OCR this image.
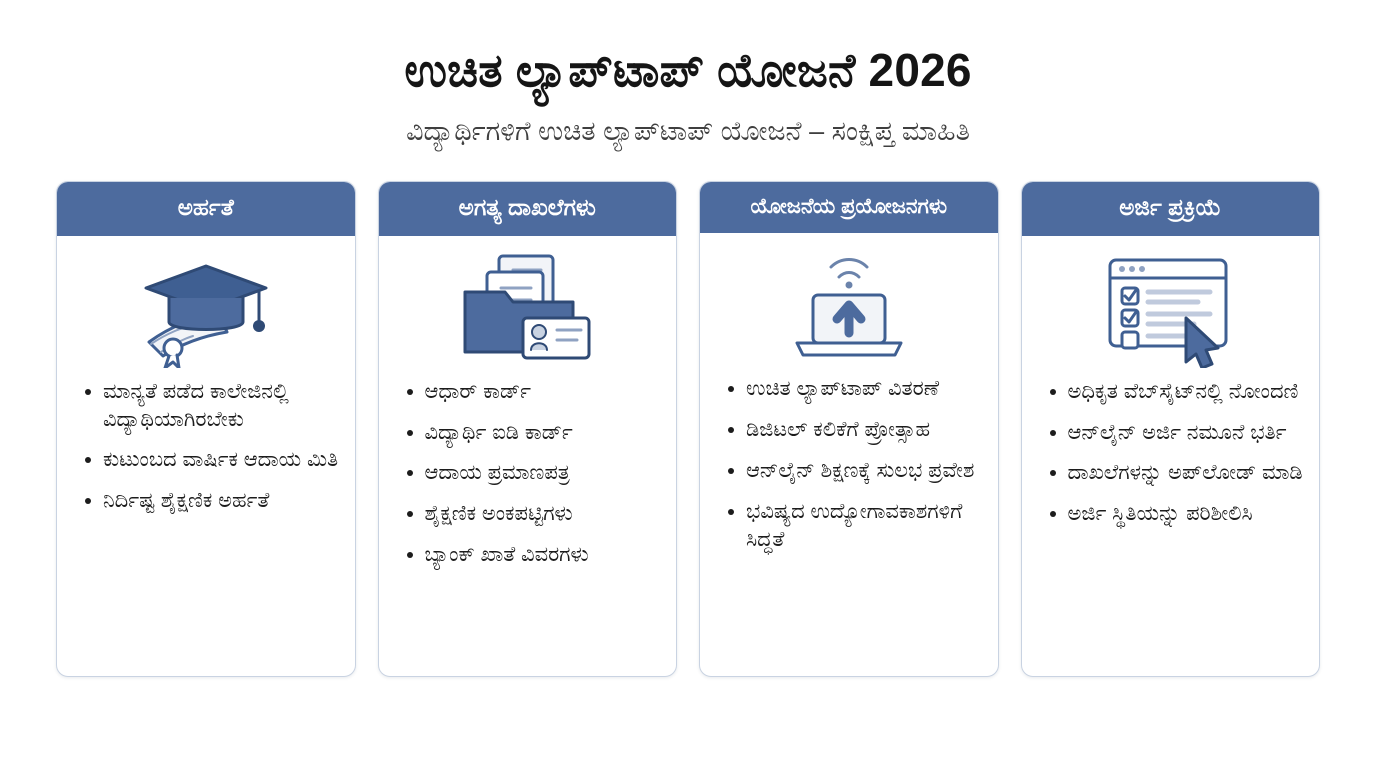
ಉಚಿತ ಲ್ಯಾಪ್‌ಟಾಪ್ ಯೋಜನೆ 2026
ವಿದ್ಯಾರ್ಥಿಗಳಿಗೆ ಉಚಿತ ಲ್ಯಾಪ್‌ಟಾಪ್ ಯೋಜನೆ – ಸಂಕ್ಷಿಪ್ತ ಮಾಹಿತಿ
ಅರ್ಹತೆ
ಮಾನ್ಯತೆ ಪಡೆದ ಕಾಲೇಜಿನಲ್ಲಿ ವಿದ್ಯಾಥಿಯಾಗಿರಬೇಕು
ಕುಟುಂಬದ ವಾರ್ಷಿಕ ಆದಾಯ ಮಿತಿ
ನಿರ್ದಿಷ್ಟ ಶೈಕ್ಷಣಿಕ ಅರ್ಹತೆ
ಅಗತ್ಯ ದಾಖಲೆಗಳು
ಆಧಾರ್ ಕಾರ್ಡ್
ವಿದ್ಯಾರ್ಥಿ ಐಡಿ ಕಾರ್ಡ್
ಆದಾಯ ಪ್ರಮಾಣಪತ್ರ
ಶೈಕ್ಷಣಿಕ ಅಂಕಪಟ್ಟಿಗಳು
ಬ್ಯಾಂಕ್ ಖಾತೆ ವಿವರಗಳು
ಯೋಜನೆಯ ಪ್ರಯೋಜನಗಳು
ಉಚಿತ ಲ್ಯಾಪ್‌ಟಾಪ್ ವಿತರಣೆ
ಡಿಜಿಟಲ್ ಕಲಿಕೆಗೆ ಪ್ರೋತ್ಸಾಹ
ಆನ್‌ಲೈನ್ ಶಿಕ್ಷಣಕ್ಕೆ ಸುಲಭ ಪ್ರವೇಶ
ಭವಿಷ್ಯದ ಉದ್ಯೋಗಾವಕಾಶಗಳಿಗೆ ಸಿದ್ಧತೆ
ಅರ್ಜಿ ಪ್ರಕ್ರಿಯೆ
ಅಧಿಕೃತ ವೆಬ್‌ಸೈಟ್‌ನಲ್ಲಿ ನೋಂದಣಿ
ಆನ್‌ಲೈನ್ ಅರ್ಜಿ ನಮೂನೆ ಭರ್ತಿ
ದಾಖಲೆಗಳನ್ನು ಅಪ್‌ಲೋಡ್ ಮಾಡಿ
ಅರ್ಜಿ ಸ್ಥಿತಿಯನ್ನು ಪರಿಶೀಲಿಸಿ
